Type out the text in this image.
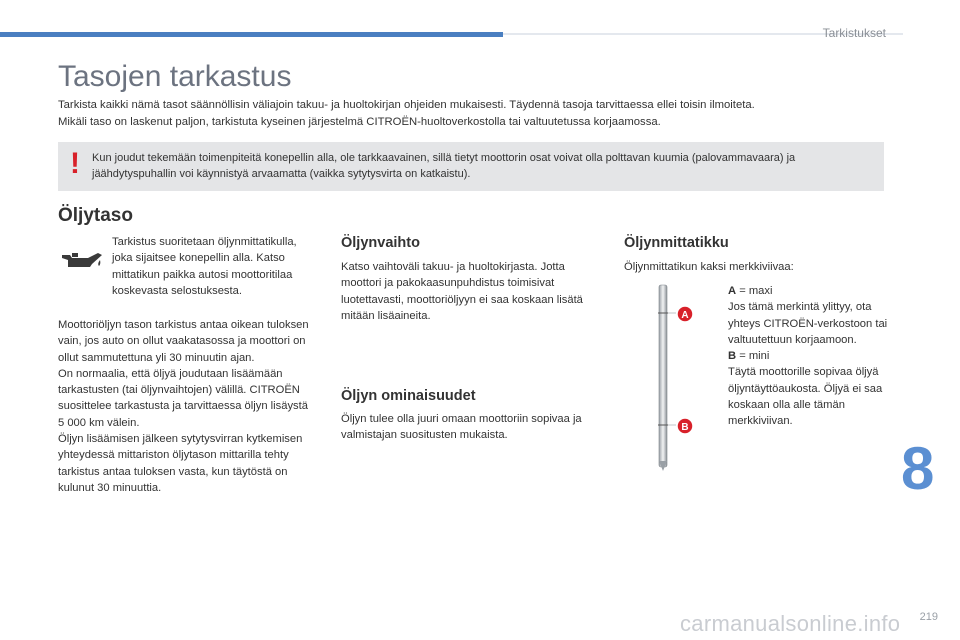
Tarkistukset
Tasojen tarkastus

Tarkista kaikki nämä tasot säännöllisin väliajoin takuu- ja huoltokirjan ohjeiden mukaisesti. Täydennä tasoja tarvittaessa ellei toisin ilmoiteta.

Mikäli taso on laskenut paljon, tarkistuta kyseinen järjestelmä CITROËN-huoltoverkostolla tai valtuutetussa korjaamossa.

! Kun joudut tekemään toimenpiteitä konepellin alla, ole tarkkaavainen, sillä tietyt moottorin osat voivat olla polttavan kuumia (palovammavaara) ja jäähdytyspuhallin voi käynnistyä arvaamatta (vaikka sytytysvirta on katkaistu).
Öljytaso
Tarkistus suoritetaan öljynmittatikulla, joka sijaitsee konepellin alla. Katso mittatikun paikka autosi moottoritilaa koskevasta selostuksesta.

Moottoriöljyn tason tarkistus antaa oikean tuloksen vain, jos auto on ollut vaakatasossa ja moottori on ollut sammutettuna yli 30 minuutin ajan.

On normaalia, että öljyä joudutaan lisäämään tarkastusten (tai öljynvaihtojen) välillä. CITROËN suosittelee tarkastusta ja tarvittaessa öljyn lisäystä 5 000 km välein.

Öljyn lisäämisen jälkeen sytytysvirran kytkemisen yhteydessä mittariston öljytason mittarilla tehty tarkistus antaa tuloksen vasta, kun täytöstä on kulunut 30 minuuttia.

Öljynvaihto
Katso vaihtoväli takuu- ja huoltokirjasta. Jotta moottori ja pakokaasunpuhdistus toimisivat luotettavasti, moottoriöljyyn ei saa koskaan lisätä mitään lisäaineita.
Öljyn ominaisuudet
Öljyn tulee olla juuri omaan moottoriin sopivaa ja valmistajan suositusten mukaista.
Öljynmittatikku
Öljynmittatikun kaksi merkkiviivaa:
A
B

A = maxi

Jos tämä merkintä ylittyy, ota yhteys CITROËN-verkostoon tai valtuutettuun korjaamoon.

B = mini

Täytä moottorille sopivaa öljyä öljyntäyttöaukosta. Öljyä ei saa koskaan olla alle tämän merkkiviivan.

8
carmanualsonline.info 219
